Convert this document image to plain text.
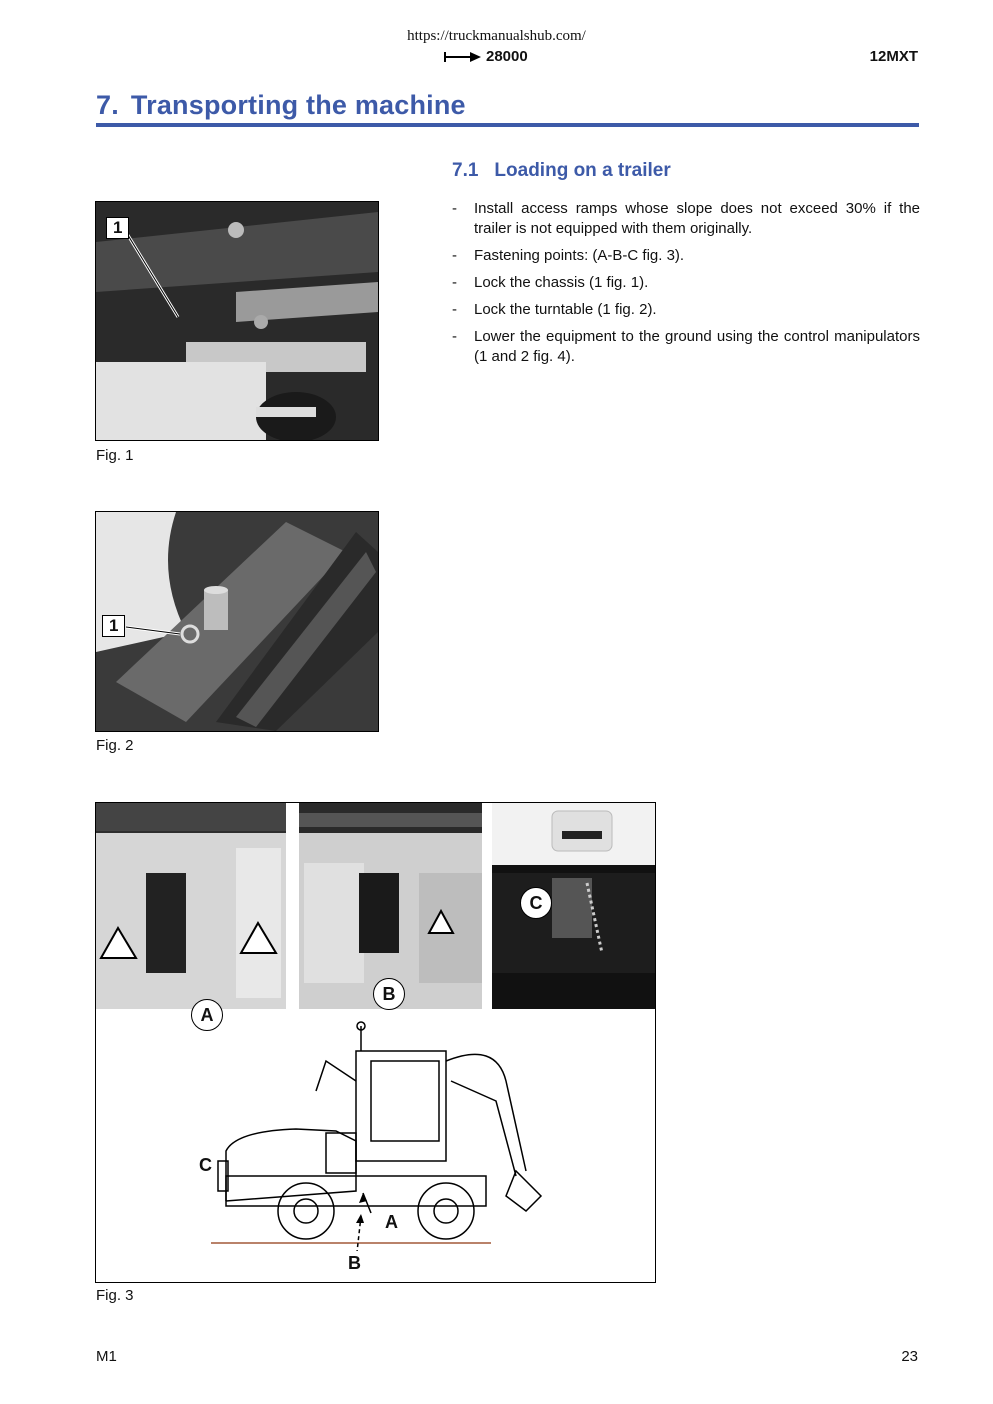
https://truckmanualshub.com/
28000	12MXT
7. Transporting the machine
7.1 Loading on a trailer
- Install access ramps whose slope does not exceed 30% if the trailer is not equipped with them originally.
- Fastening points: (A-B-C fig. 3).
- Lock the chassis (1 fig. 1).
- Lock the turntable (1 fig. 2).
- Lower the equipment to the ground using the control manipulators (1 and 2 fig. 4).
1
Fig. 1
1
Fig. 2
A
B
C
C
A
B
Fig. 3
M1	23
